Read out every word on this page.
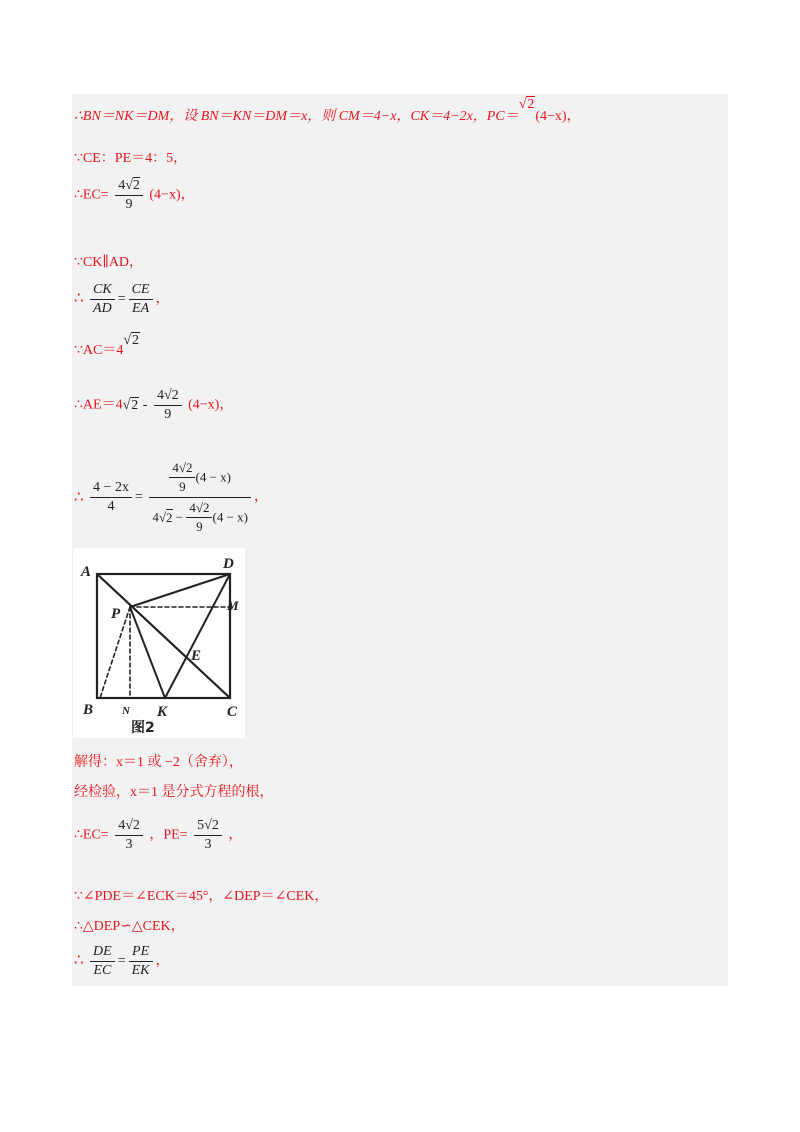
∴BN＝NK＝DM，设 BN＝KN＝DM＝x，则 CM＝4−x，CK＝4−2x，PC＝√2(4−x)，
∵CE：PE＝4：5，
∴EC= $\frac{4√2}{9} (4-x)$，
∵CK∥AD，
∴ $\frac{CK}{AD} = \frac{CE}{EA}$ ，
∵AC＝4√2
∴AE＝4√2 - $\frac{4√2}{9} (4-x)$，
∴ $\frac{4 - 2x}{4} = \frac{\frac{4√2}{9} (4 - x)}{4√2 - \frac{4√2}{9} (4 - x)}$ ，
A	D
P
M
E
B	N K	C
图2
解得：x＝1 或 −2（舍弃），
经检验，x＝1 是分式方程的根，
∴EC= $\frac{4√2}{3}$ ，$PE= \frac{5√2}{3}$ ，
∵∠PDE＝∠ECK＝45°，∠DEP＝∠CEK，
∴△DEP∽△CEK，
∴ $\frac{DE}{EC} = \frac{PE}{EK}$ ，
